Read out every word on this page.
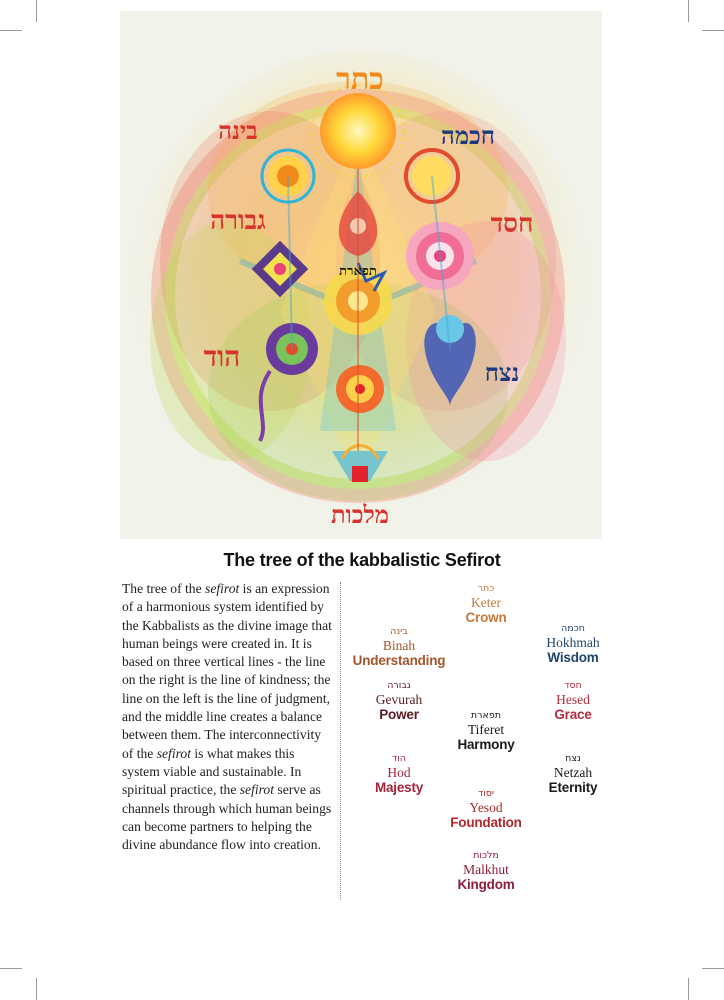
כתר
בינה	חכמה
גבורה	חסד
תפארת
הוד	נצח
מלכות
The tree of the kabbalistic Sefirot

The tree of the sefirot is an expression of a harmonious system identified by the Kabbalists as the divine image that human beings were created in. It is based on three vertical lines - the line on the right is the line of kindness; the line on the left is the line of judgment, and the middle line creates a balance between them. The interconnectivity of the sefirot is what makes this system viable and sustainable. In spiritual practice, the sefirot serve as channels through which human beings can become partners to helping the divine abundance flow into creation.

כתר
Keter
Crown
בינה
Binah
Understanding
חכמה
Hokhmah
Wisdom
גבורה
Gevurah
Power
חסד
Hesed
Grace
תפארת
Tiferet
Harmony
הוד
Hod
Majesty
נצח
Netzah
Eternity
יסוד
Yesod
Foundation
מלכות
Malkhut
Kingdom
